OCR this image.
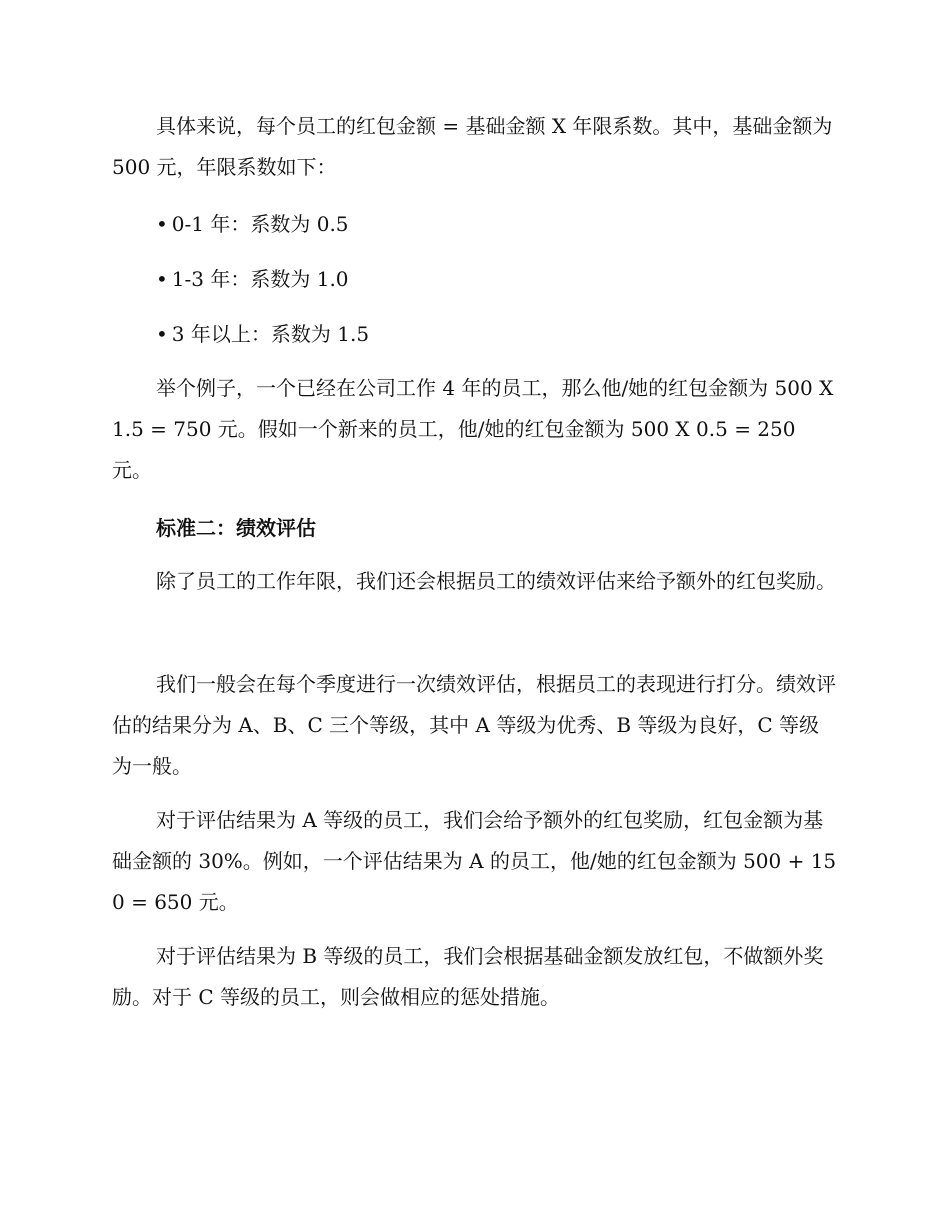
具体来说，每个员工的红包金额 = 基础金额 X 年限系数。其中，基础金额为 500 元，年限系数如下：

• 0-1 年：系数为 0.5

• 1-3 年：系数为 1.0

• 3 年以上：系数为 1.5

举个例子，一个已经在公司工作 4 年的员工，那么他/她的红包金额为 500 X 1.5 = 750 元。假如一个新来的员工，他/她的红包金额为 500 X 0.5 = 250 元。

标准二：绩效评估

除了员工的工作年限，我们还会根据员工的绩效评估来给予额外的红包奖励。

我们一般会在每个季度进行一次绩效评估，根据员工的表现进行打分。绩效评估的结果分为 A、B、C 三个等级，其中 A 等级为优秀、B 等级为良好，C 等级为一般。

对于评估结果为 A 等级的员工，我们会给予额外的红包奖励，红包金额为基础金额的 30%。例如，一个评估结果为 A 的员工，他/她的红包金额为 500 + 150 = 650 元。

对于评估结果为 B 等级的员工，我们会根据基础金额发放红包，不做额外奖励。对于 C 等级的员工，则会做相应的惩处措施。
